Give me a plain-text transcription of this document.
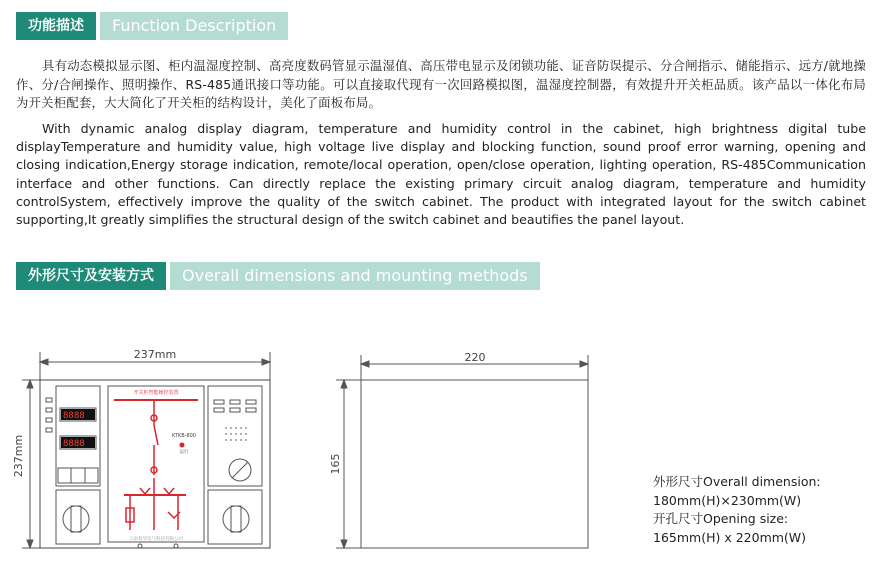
功能描述	Function Description
具有动态模拟显示图、柜内温湿度控制、高亮度数码管显示温湿值、高压带电显示及闭锁功能、证音防误提示、分合闸指示、储能指示、远方/就地操作、分/合闸操作、照明操作、RS-485通讯接口等功能。可以直接取代现有一次回路模拟图，温湿度控制器，有效提升开关柜品质。该产品以一体化布局为开关柜配套，大大简化了开关柜的结构设计，美化了面板布局。
With dynamic analog display diagram, temperature and humidity control in the cabinet, high brightness digital tube displayTemperature and humidity value, high voltage live display and blocking function, sound proof error warning, opening and closing indication,Energy storage indication, remote/local operation, open/close operation, lighting operation, RS-485Communication interface and other functions. Can directly replace the existing primary circuit analog diagram, temperature and humidity controlSystem, effectively improve the quality of the switch cabinet. The product with integrated layout for the switch cabinet supporting,It greatly simplifies the structural design of the switch cabinet and beautifies the panel layout.
外形尺寸及安装方式	Overall dimensions and mounting methods
8888
8888
237mm
237mm
开关柜智能操控装置
KTKB-800
运行
云南普华电气科技有限公司
220
165
外形尺寸Overall dimension:
180mm(H)×230mm(W)
开孔尺寸Opening size:
165mm(H) x 220mm(W)
